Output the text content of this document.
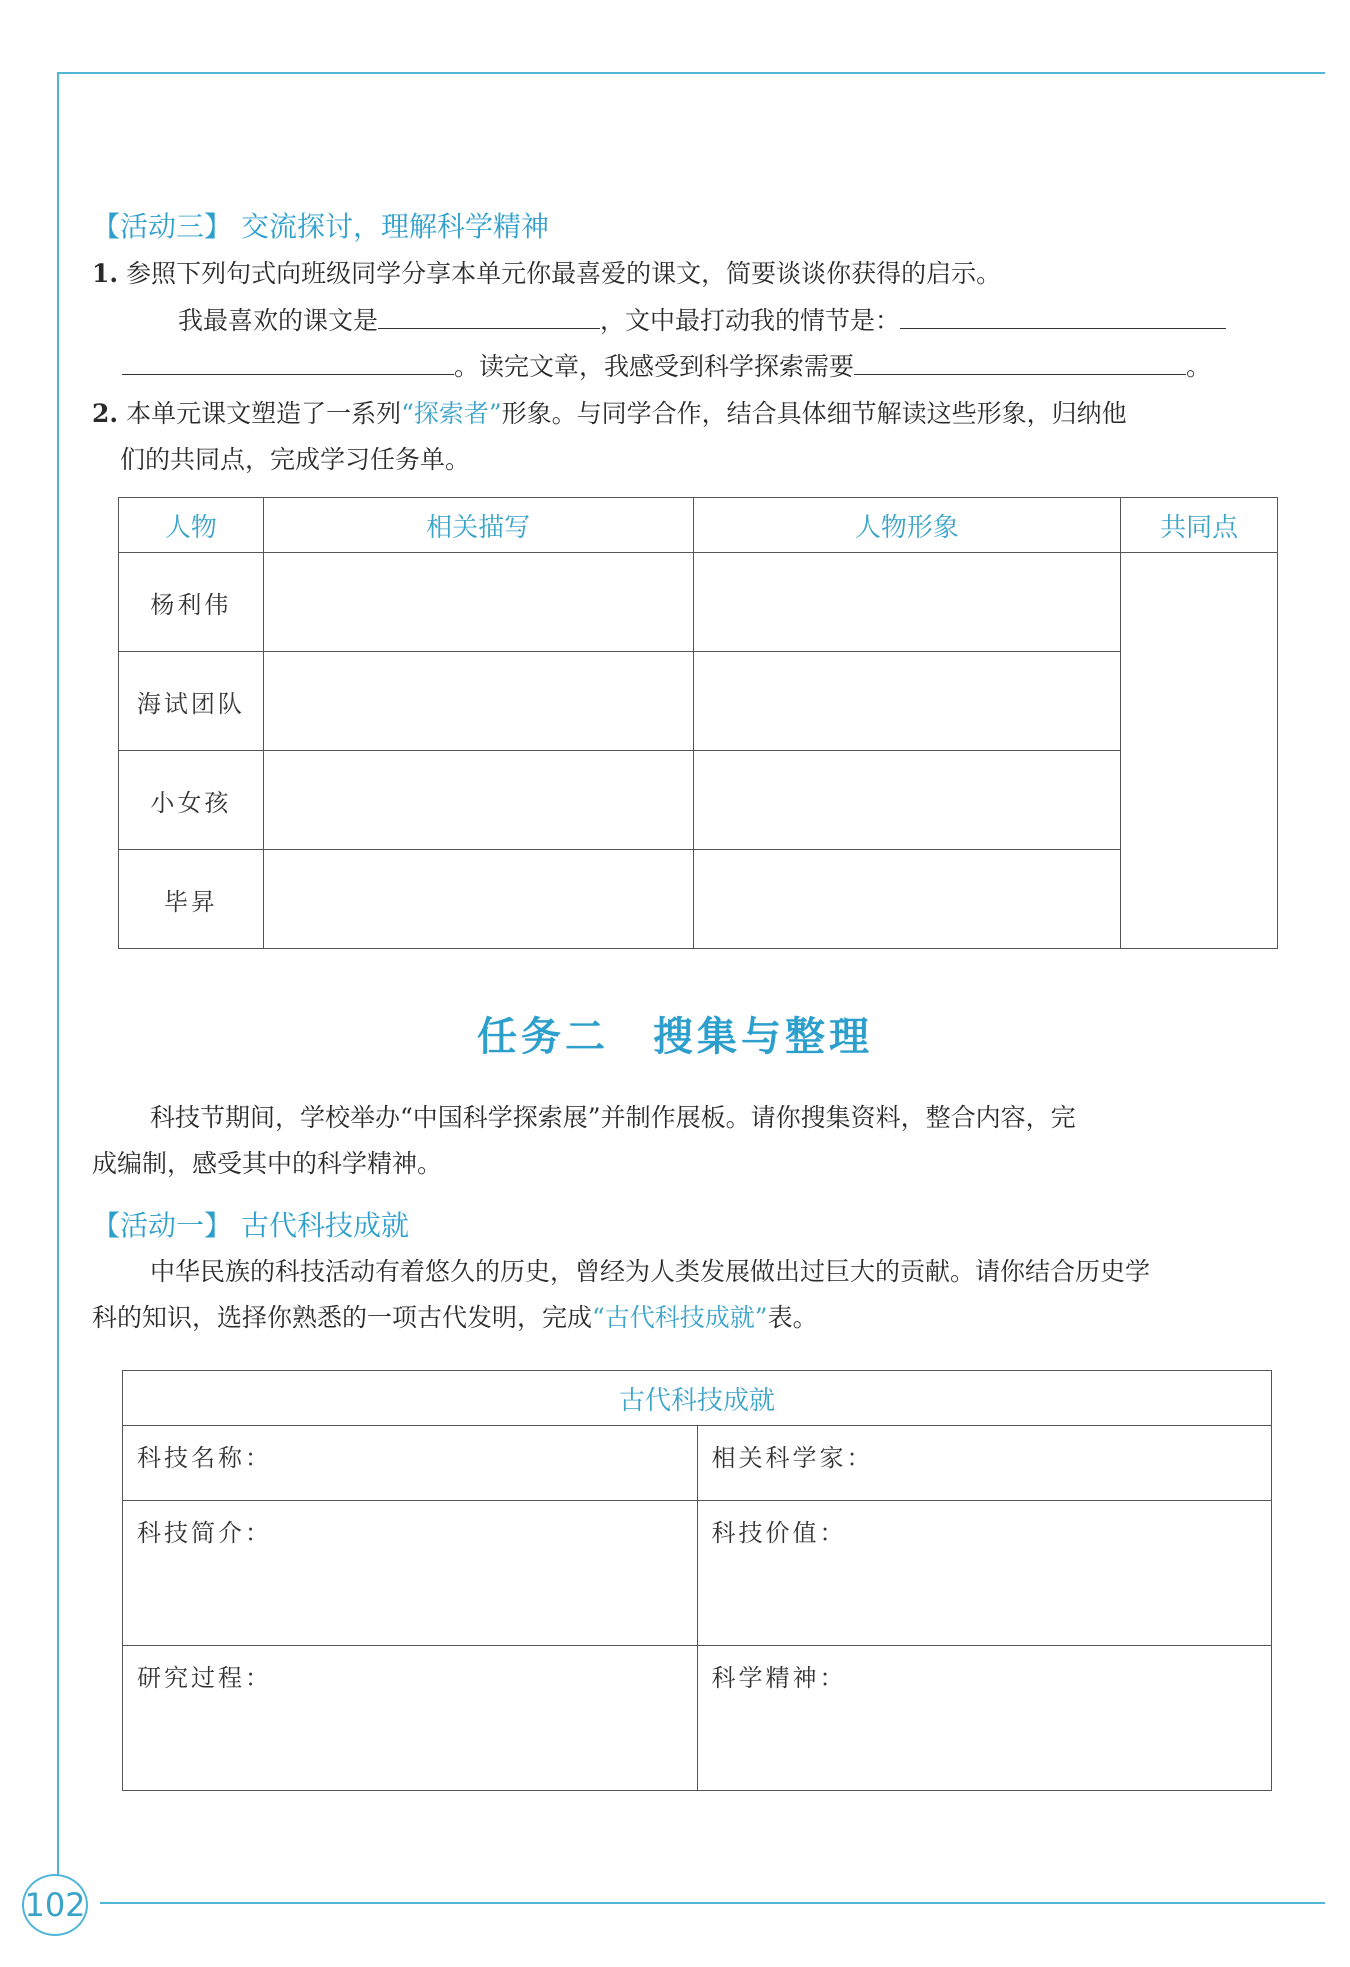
102
【活动三】 交流探讨，理解科学精神
1. 参照下列句式向班级同学分享本单元你最喜爱的课文，简要谈谈你获得的启示。
我最喜欢的课文是	，文中最打动我的情节是：
。读完文章，我感受到科学探索需要	。
2. 本单元课文塑造了一系列“探索者”形象。与同学合作，结合具体细节解读这些形象，归纳他
们的共同点，完成学习任务单。
人物	相关描写	人物形象	共同点
杨利伟			
海试团队			
小女孩			
毕昇			
任务二　搜集与整理
科技节期间，学校举办“中国科学探索展”并制作展板。请你搜集资料，整合内容，完
成编制，感受其中的科学精神。
【活动一】 古代科技成就
中华民族的科技活动有着悠久的历史，曾经为人类发展做出过巨大的贡献。请你结合历史学
科的知识，选择你熟悉的一项古代发明，完成“古代科技成就”表。
古代科技成就	
科技名称：	相关科学家：
科技简介：	科技价值：
研究过程：	科学精神：
